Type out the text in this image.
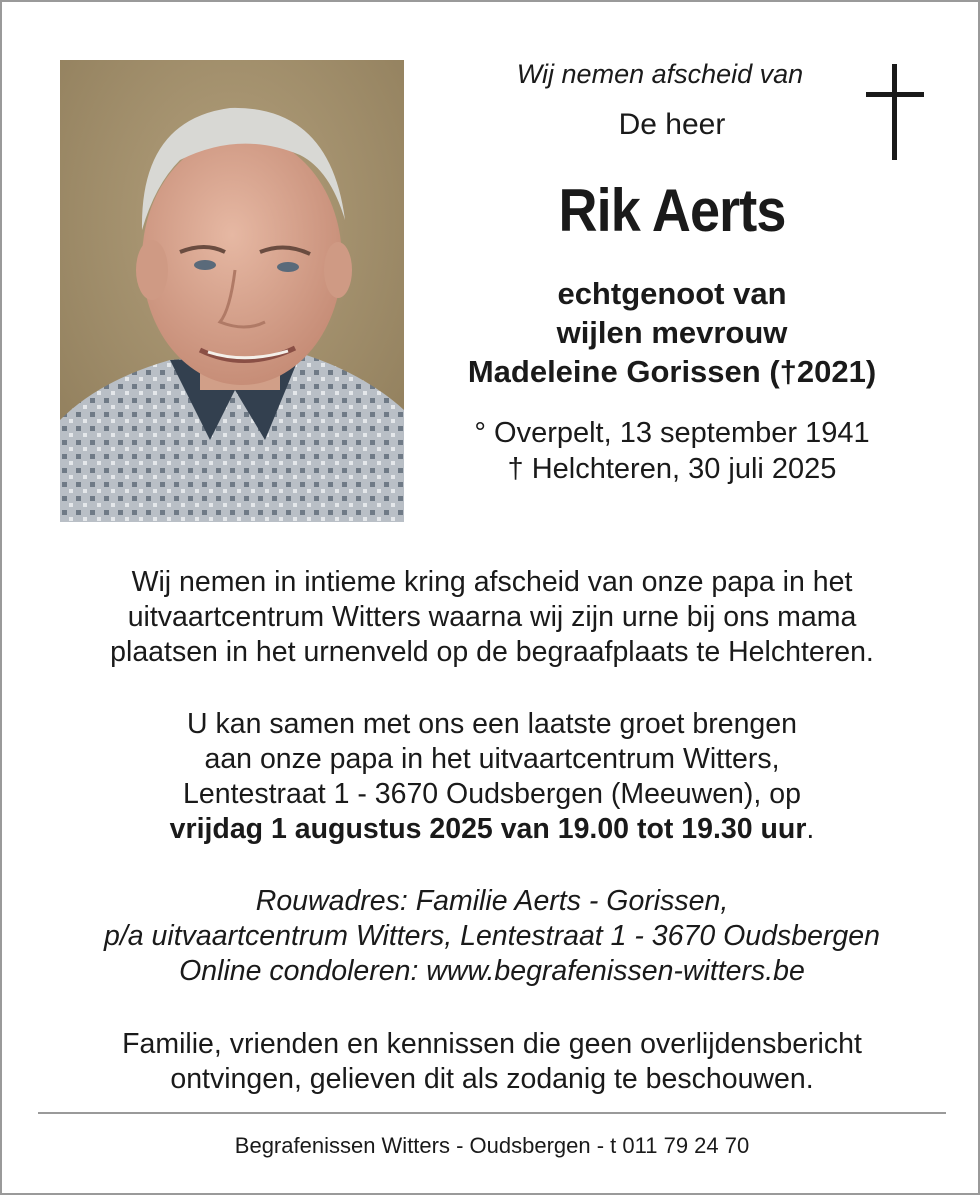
Wij nemen afscheid van
De heer
Rik Aerts
echtgenoot van
wijlen mevrouw
Madeleine Gorissen (†2021)
° Overpelt, 13 september 1941
† Helchteren, 30 juli 2025
Wij nemen in intieme kring afscheid van onze papa in het
uitvaartcentrum Witters waarna wij zijn urne bij ons mama
plaatsen in het urnenveld op de begraafplaats te Helchteren.
U kan samen met ons een laatste groet brengen
aan onze papa in het uitvaartcentrum Witters,
Lentestraat 1 - 3670 Oudsbergen (Meeuwen), op
vrijdag 1 augustus 2025 van 19.00 tot 19.30 uur.
Rouwadres: Familie Aerts - Gorissen,
p/a uitvaartcentrum Witters, Lentestraat 1 - 3670 Oudsbergen
Online condoleren: www.begrafenissen-witters.be
Familie, vrienden en kennissen die geen overlijdensbericht
ontvingen, gelieven dit als zodanig te beschouwen.
Begrafenissen Witters - Oudsbergen - t 011 79 24 70
